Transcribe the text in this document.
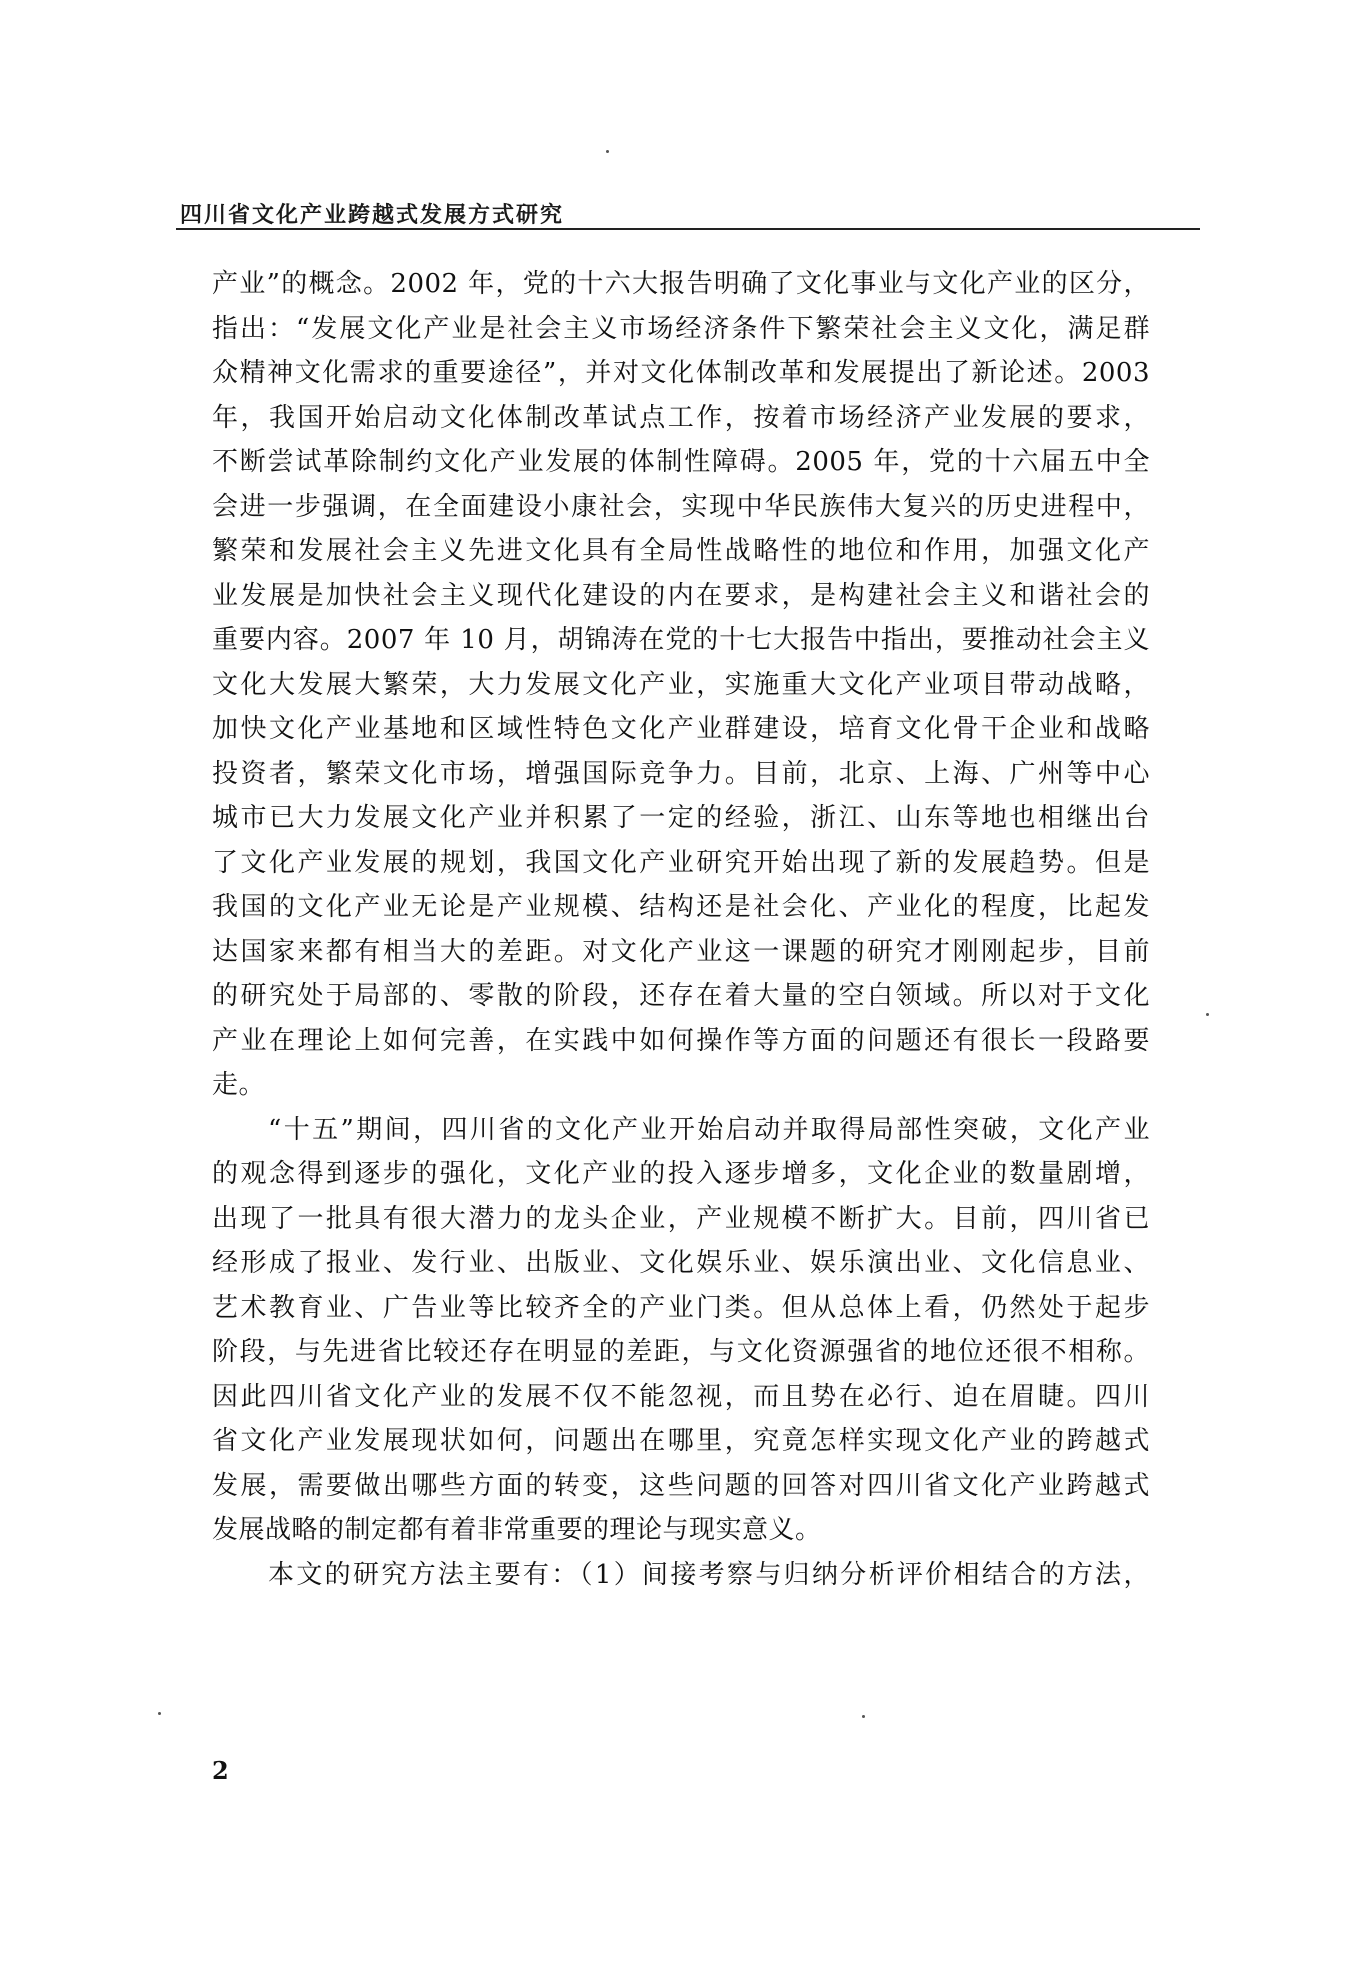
四川省文化产业跨越式发展方式研究
产业”的概念。2002 年，党的十六大报告明确了文化事业与文化产业的区分，
指出：“发展文化产业是社会主义市场经济条件下繁荣社会主义文化，满足群
众精神文化需求的重要途径”，并对文化体制改革和发展提出了新论述。2003
年，我国开始启动文化体制改革试点工作，按着市场经济产业发展的要求，
不断尝试革除制约文化产业发展的体制性障碍。2005 年，党的十六届五中全
会进一步强调，在全面建设小康社会，实现中华民族伟大复兴的历史进程中，
繁荣和发展社会主义先进文化具有全局性战略性的地位和作用，加强文化产
业发展是加快社会主义现代化建设的内在要求，是构建社会主义和谐社会的
重要内容。2007 年 10 月，胡锦涛在党的十七大报告中指出，要推动社会主义
文化大发展大繁荣，大力发展文化产业，实施重大文化产业项目带动战略，
加快文化产业基地和区域性特色文化产业群建设，培育文化骨干企业和战略
投资者，繁荣文化市场，增强国际竞争力。目前，北京、上海、广州等中心
城市已大力发展文化产业并积累了一定的经验，浙江、山东等地也相继出台
了文化产业发展的规划，我国文化产业研究开始出现了新的发展趋势。但是
我国的文化产业无论是产业规模、结构还是社会化、产业化的程度，比起发
达国家来都有相当大的差距。对文化产业这一课题的研究才刚刚起步，目前
的研究处于局部的、零散的阶段，还存在着大量的空白领域。所以对于文化
产业在理论上如何完善，在实践中如何操作等方面的问题还有很长一段路要
走。
“十五”期间，四川省的文化产业开始启动并取得局部性突破，文化产业
的观念得到逐步的强化，文化产业的投入逐步增多，文化企业的数量剧增，
出现了一批具有很大潜力的龙头企业，产业规模不断扩大。目前，四川省已
经形成了报业、发行业、出版业、文化娱乐业、娱乐演出业、文化信息业、
艺术教育业、广告业等比较齐全的产业门类。但从总体上看，仍然处于起步
阶段，与先进省比较还存在明显的差距，与文化资源强省的地位还很不相称。
因此四川省文化产业的发展不仅不能忽视，而且势在必行、迫在眉睫。四川
省文化产业发展现状如何，问题出在哪里，究竟怎样实现文化产业的跨越式
发展，需要做出哪些方面的转变，这些问题的回答对四川省文化产业跨越式
发展战略的制定都有着非常重要的理论与现实意义。
本文的研究方法主要有：（1）间接考察与归纳分析评价相结合的方法，
2
